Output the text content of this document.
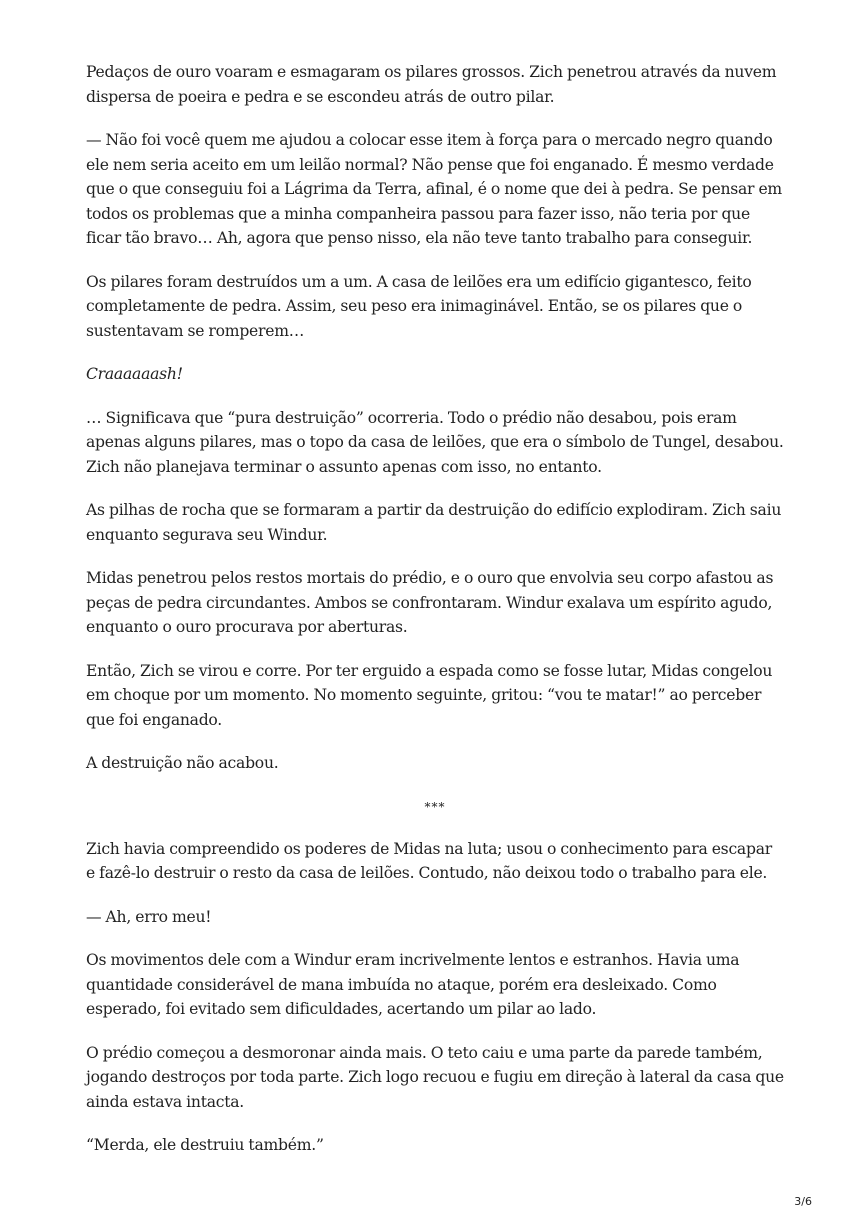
Pedaços de ouro voaram e esmagaram os pilares grossos. Zich penetrou através da nuvem dispersa de poeira e pedra e se escondeu atrás de outro pilar.

— Não foi você quem me ajudou a colocar esse item à força para o mercado negro quando ele nem seria aceito em um leilão normal? Não pense que foi enganado. É mesmo verdade que o que conseguiu foi a Lágrima da Terra, afinal, é o nome que dei à pedra. Se pensar em todos os problemas que a minha companheira passou para fazer isso, não teria por que ficar tão bravo… Ah, agora que penso nisso, ela não teve tanto trabalho para conseguir.

Os pilares foram destruídos um a um. A casa de leilões era um edifício gigantesco, feito completamente de pedra. Assim, seu peso era inimaginável. Então, se os pilares que o sustentavam se romperem…

Craaaaaash!

… Significava que “pura destruição” ocorreria. Todo o prédio não desabou, pois eram apenas alguns pilares, mas o topo da casa de leilões, que era o símbolo de Tungel, desabou. Zich não planejava terminar o assunto apenas com isso, no entanto.

As pilhas de rocha que se formaram a partir da destruição do edifício explodiram. Zich saiu enquanto segurava seu Windur.

Midas penetrou pelos restos mortais do prédio, e o ouro que envolvia seu corpo afastou as peças de pedra circundantes. Ambos se confrontaram. Windur exalava um espírito agudo, enquanto o ouro procurava por aberturas.

Então, Zich se virou e corre. Por ter erguido a espada como se fosse lutar, Midas congelou em choque por um momento. No momento seguinte, gritou: “vou te matar!” ao perceber que foi enganado.

A destruição não acabou.

***

Zich havia compreendido os poderes de Midas na luta; usou o conhecimento para escapar e fazê-lo destruir o resto da casa de leilões. Contudo, não deixou todo o trabalho para ele.

— Ah, erro meu!

Os movimentos dele com a Windur eram incrivelmente lentos e estranhos. Havia uma quantidade considerável de mana imbuída no ataque, porém era desleixado. Como esperado, foi evitado sem dificuldades, acertando um pilar ao lado.

O prédio começou a desmoronar ainda mais. O teto caiu e uma parte da parede também, jogando destroços por toda parte. Zich logo recuou e fugiu em direção à lateral da casa que ainda estava intacta.

“Merda, ele destruiu também.”

3/6
